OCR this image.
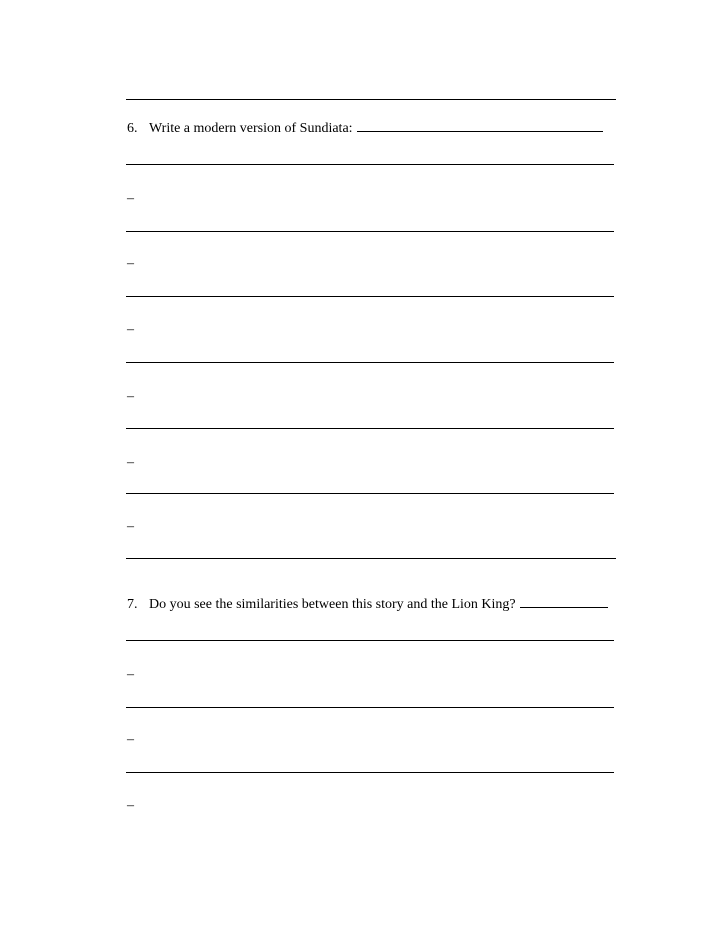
6. Write a modern version of Sundiata:
–
–
–
–
–
–
7. Do you see the similarities between this story and the Lion King?
–
–
–
